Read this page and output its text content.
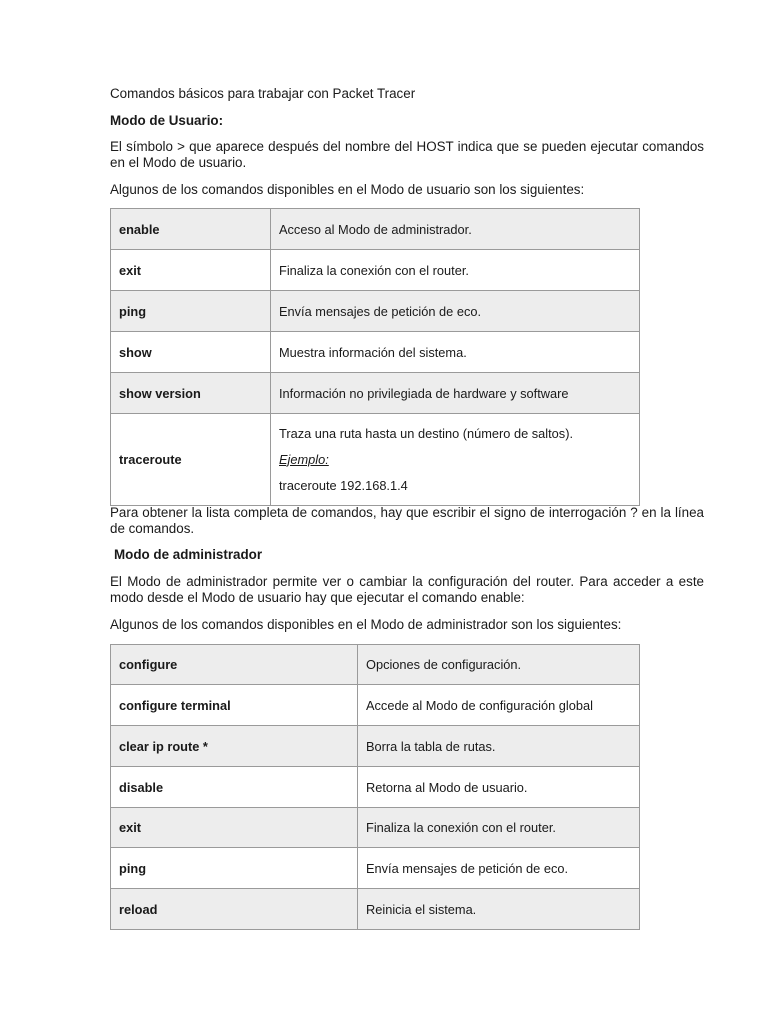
Comandos básicos para trabajar con Packet Tracer

Modo de Usuario:

El símbolo > que aparece después del nombre del HOST indica que se pueden ejecutar comandos en el Modo de usuario.

Algunos de los comandos disponibles en el Modo de usuario son los siguientes:

enable	Acceso al Modo de administrador.
exit	Finaliza la conexión con el router.
ping	Envía mensajes de petición de eco.
show	Muestra información del sistema.
show version	Información no privilegiada de hardware y software
traceroute	Traza una ruta hasta un destino (número de saltos).
Ejemplo:
traceroute 192.168.1.4

Para obtener la lista completa de comandos, hay que escribir el signo de interrogación ? en la línea de comandos.

Modo de administrador

El Modo de administrador permite ver o cambiar la configuración del router. Para acceder a este modo desde el Modo de usuario hay que ejecutar el comando enable:

Algunos de los comandos disponibles en el Modo de administrador son los siguientes:

configure	Opciones de configuración.
configure terminal	Accede al Modo de configuración global
clear ip route *	Borra la tabla de rutas.
disable	Retorna al Modo de usuario.
exit	Finaliza la conexión con el router.
ping	Envía mensajes de petición de eco.
reload	Reinicia el sistema.
